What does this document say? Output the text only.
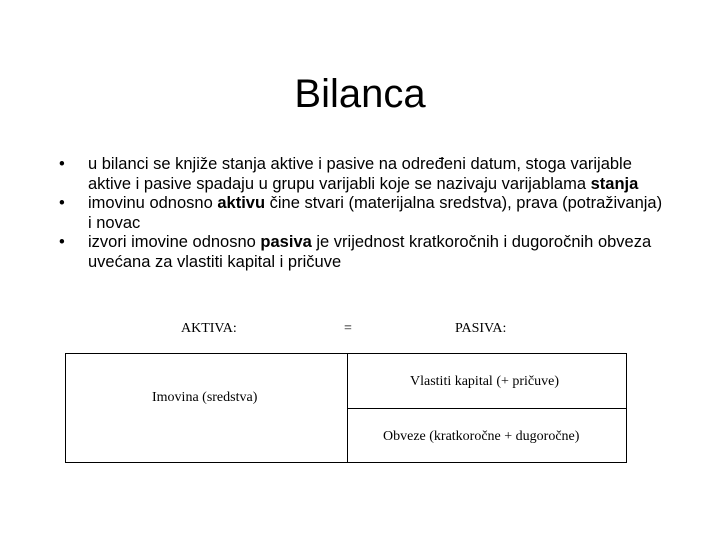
Bilanca
• u bilanci se knjiže stanja aktive i pasive na određeni datum, stoga varijable aktive i pasive spadaju u grupu varijabli koje se nazivaju varijablama stanja
• imovinu odnosno aktivu čine stvari (materijalna sredstva), prava (potraživanja) i novac
• izvori imovine odnosno pasiva je vrijednost kratkoročnih i dugoročnih obveza uvećana za vlastiti kapital i pričuve
AKTIVA:	=	PASIVA:
Imovina (sredstva)
Vlastiti kapital (+ pričuve)
Obveze (kratkoročne + dugoročne)
